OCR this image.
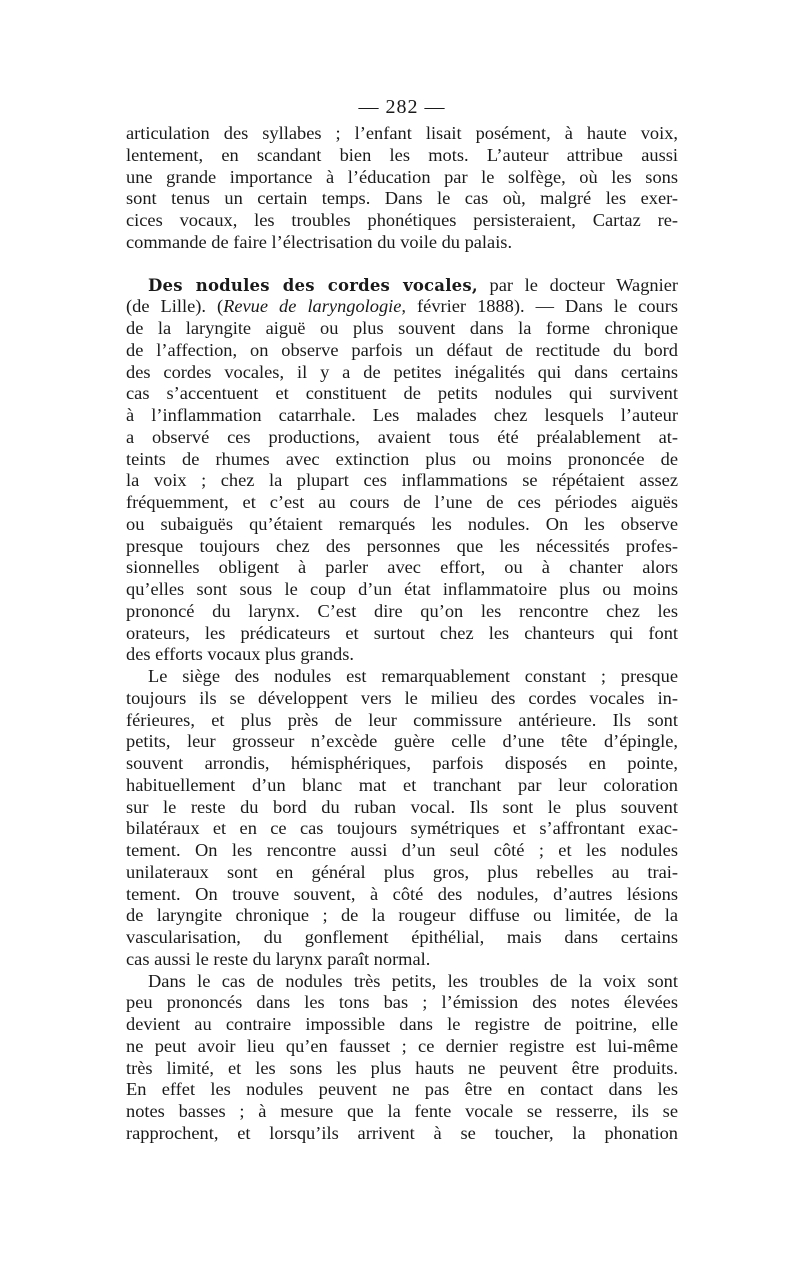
— 282 —
articulation des syllabes ; l’enfant lisait posément, à haute voix,
lentement, en scandant bien les mots. L’auteur attribue aussi
une grande importance à l’éducation par le solfège, où les sons
sont tenus un certain temps. Dans le cas où, malgré les exer-
cices vocaux, les troubles phonétiques persisteraient, Cartaz re-
commande de faire l’électrisation du voile du palais.
Des nodules des cordes vocales, par le docteur Wagnier
(de Lille). (Revue de laryngologie, février 1888). — Dans le cours
de la laryngite aiguë ou plus souvent dans la forme chronique
de l’affection, on observe parfois un défaut de rectitude du bord
des cordes vocales, il y a de petites inégalités qui dans certains
cas s’accentuent et constituent de petits nodules qui survivent
à l’inflammation catarrhale. Les malades chez lesquels l’auteur
a observé ces productions, avaient tous été préalablement at-
teints de rhumes avec extinction plus ou moins prononcée de
la voix ; chez la plupart ces inflammations se répétaient assez
fréquemment, et c’est au cours de l’une de ces périodes aiguës
ou subaiguës qu’étaient remarqués les nodules. On les observe
presque toujours chez des personnes que les nécessités profes-
sionnelles obligent à parler avec effort, ou à chanter alors
qu’elles sont sous le coup d’un état inflammatoire plus ou moins
prononcé du larynx. C’est dire qu’on les rencontre chez les
orateurs, les prédicateurs et surtout chez les chanteurs qui font
des efforts vocaux plus grands.
Le siège des nodules est remarquablement constant ; presque
toujours ils se développent vers le milieu des cordes vocales in-
férieures, et plus près de leur commissure antérieure. Ils sont
petits, leur grosseur n’excède guère celle d’une tête d’épingle,
souvent arrondis, hémisphériques, parfois disposés en pointe,
habituellement d’un blanc mat et tranchant par leur coloration
sur le reste du bord du ruban vocal. Ils sont le plus souvent
bilatéraux et en ce cas toujours symétriques et s’affrontant exac-
tement. On les rencontre aussi d’un seul côté ; et les nodules
unilateraux sont en général plus gros, plus rebelles au trai-
tement. On trouve souvent, à côté des nodules, d’autres lésions
de laryngite chronique ; de la rougeur diffuse ou limitée, de la
vascularisation, du gonflement épithélial, mais dans certains
cas aussi le reste du larynx paraît normal.
Dans le cas de nodules très petits, les troubles de la voix sont
peu prononcés dans les tons bas ; l’émission des notes élevées
devient au contraire impossible dans le registre de poitrine, elle
ne peut avoir lieu qu’en fausset ; ce dernier registre est lui-même
très limité, et les sons les plus hauts ne peuvent être produits.
En effet les nodules peuvent ne pas être en contact dans les
notes basses ; à mesure que la fente vocale se resserre, ils se
rapprochent, et lorsqu’ils arrivent à se toucher, la phonation
